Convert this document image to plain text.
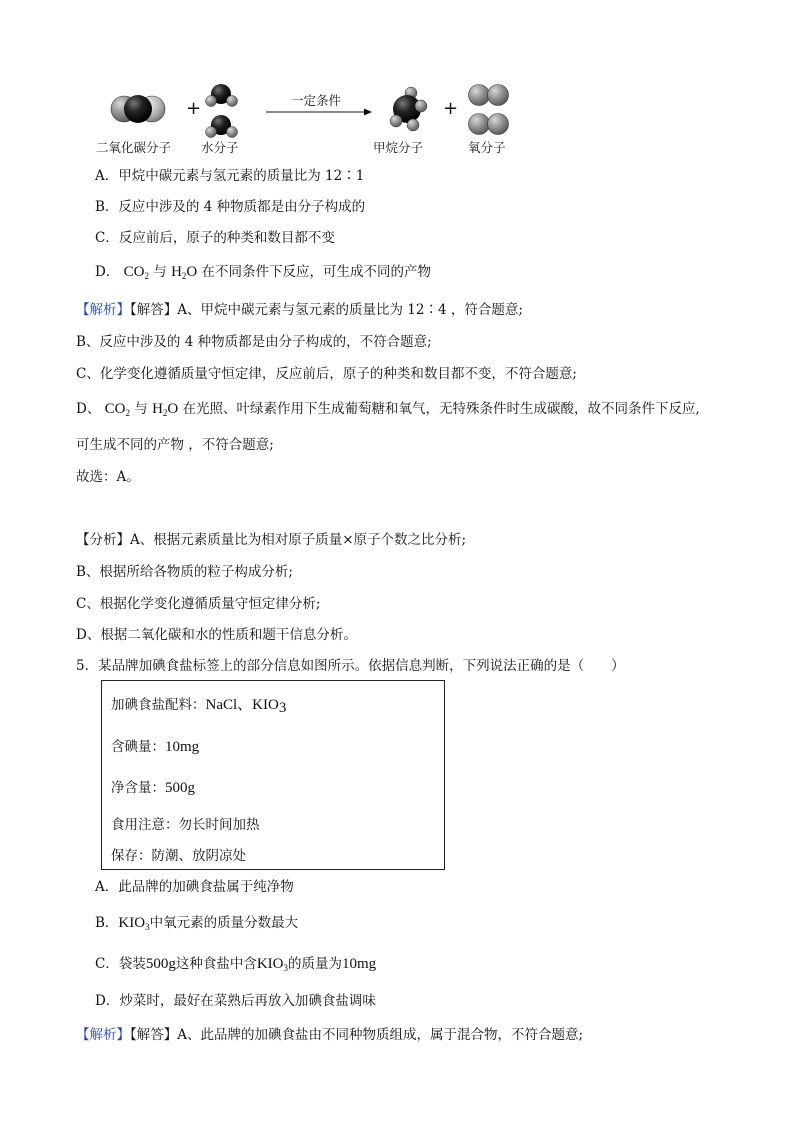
+	+
二氧化碳分子 水分子
一定条件
甲烷分子	氧分子
A．甲烷中碳元素与氢元素的质量比为 12∶1
B．反应中涉及的 4 种物质都是由分子构成的
C．反应前后，原子的种类和数目都不变
D． $CO_2$ 与 $H_2O$ 在不同条件下反应，可生成不同的产物
【解析】【解答】A、甲烷中碳元素与氢元素的质量比为 12∶4 ，符合题意;
B、反应中涉及的 4 种物质都是由分子构成的，不符合题意;
C、化学变化遵循质量守恒定律，反应前后，原子的种类和数目都不变，不符合题意;
D、 $CO_2$ 与 $H_2O$ 在光照、叶绿素作用下生成葡萄糖和氧气，无特殊条件时生成碳酸，故不同条件下反应,
可生成不同的产物 ，不符合题意;
故选：A。
【分析】A、根据元素质量比为相对原子质量×原子个数之比分析;
B、根据所给各物质的粒子构成分析;
C、根据化学变化遵循质量守恒定律分析;
D、根据二氧化碳和水的性质和题干信息分析。
5．某品牌加碘食盐标签上的部分信息如图所示。依据信息判断，下列说法正确的是（　　）
加碘食盐配料：NaCl、$KIO_3$
含碘量：10mg
净含量：500g
食用注意：勿长时间加热
保存：防潮、放阴凉处
A．此品牌的加碘食盐属于纯净物
B．$KIO_3$中氧元素的质量分数最大
C．袋装500g这种食盐中含$KIO_3$的质量为10mg
D．炒菜时，最好在菜熟后再放入加碘食盐调味
【解析】【解答】A、此品牌的加碘食盐由不同种物质组成，属于混合物，不符合题意;
